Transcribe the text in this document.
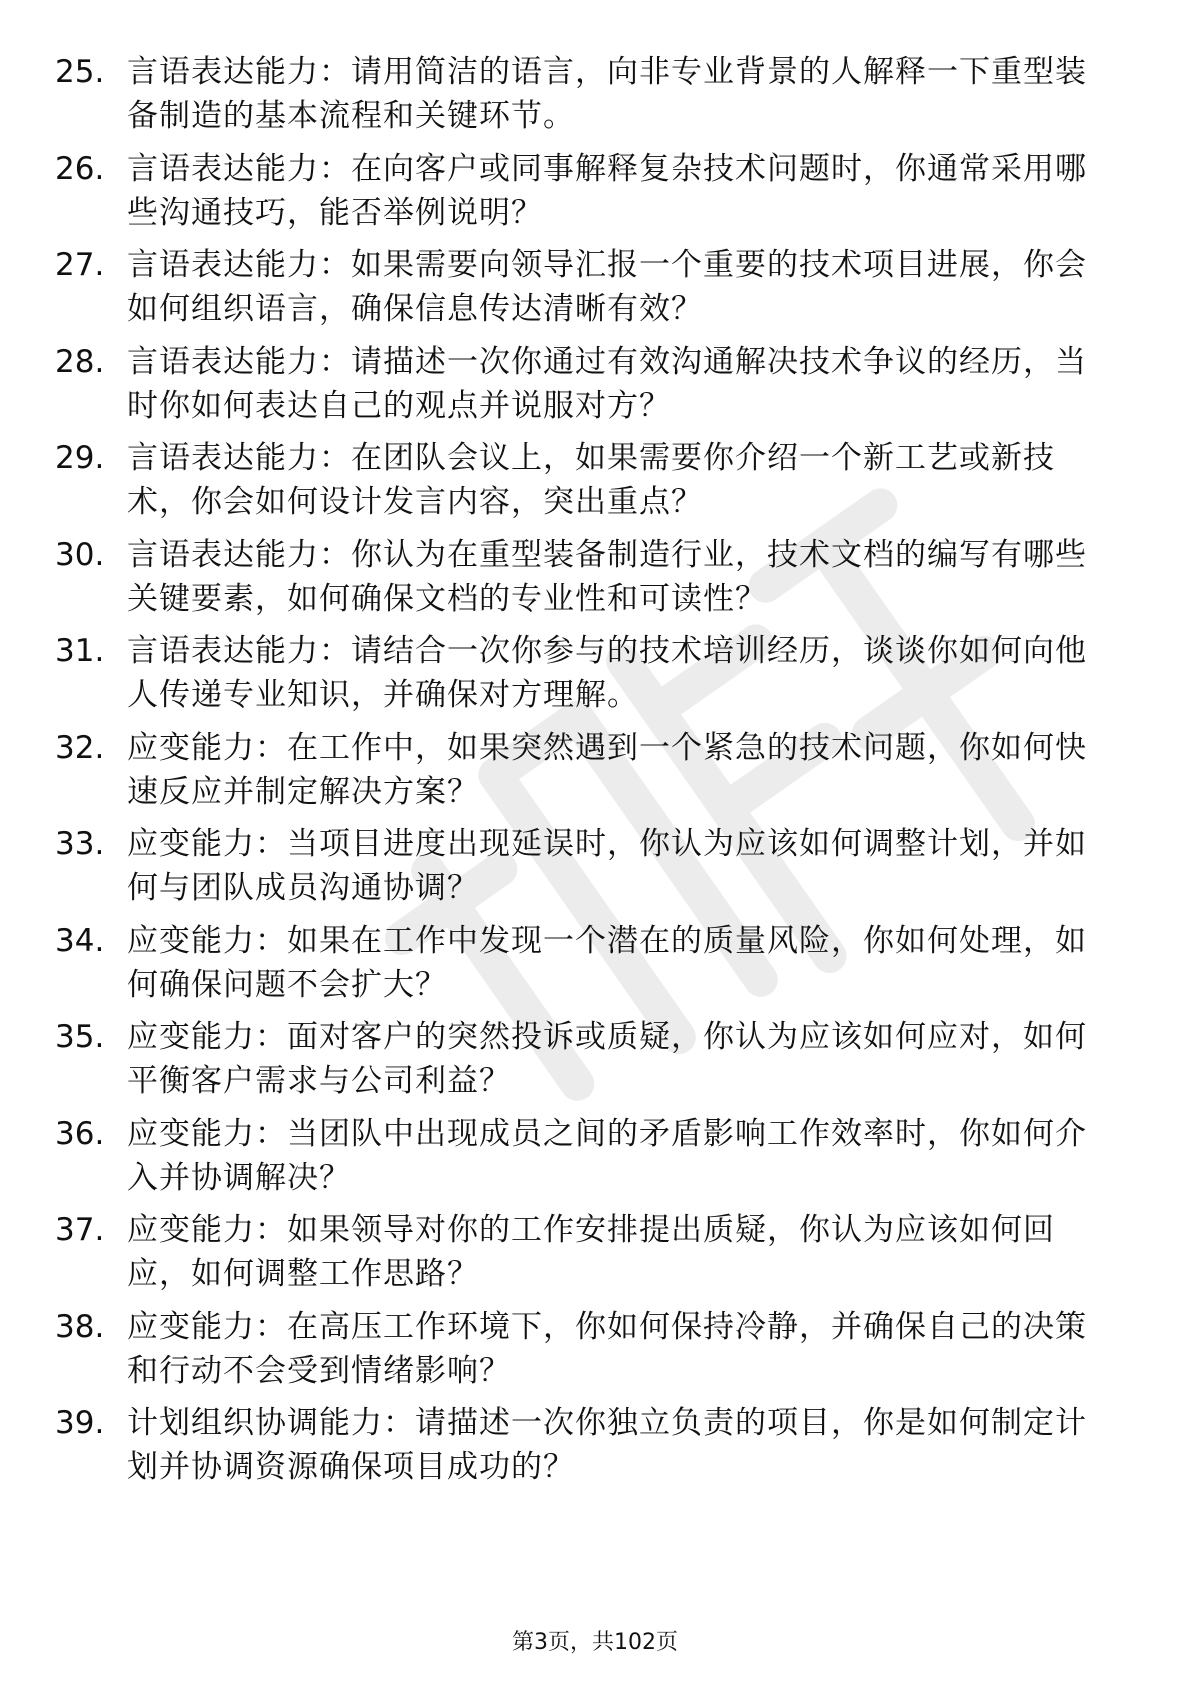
25. 言语表达能力：请用简洁的语言，向非专业背景的人解释一下重型装备制造的基本流程和关键环节。
26. 言语表达能力：在向客户或同事解释复杂技术问题时，你通常采用哪些沟通技巧，能否举例说明？
27. 言语表达能力：如果需要向领导汇报一个重要的技术项目进展，你会如何组织语言，确保信息传达清晰有效？
28. 言语表达能力：请描述一次你通过有效沟通解决技术争议的经历，当时你如何表达自己的观点并说服对方？
29. 言语表达能力：在团队会议上，如果需要你介绍一个新工艺或新技术，你会如何设计发言内容，突出重点？
30. 言语表达能力：你认为在重型装备制造行业，技术文档的编写有哪些关键要素，如何确保文档的专业性和可读性？
31. 言语表达能力：请结合一次你参与的技术培训经历，谈谈你如何向他人传递专业知识，并确保对方理解。
32. 应变能力：在工作中，如果突然遇到一个紧急的技术问题，你如何快速反应并制定解决方案？
33. 应变能力：当项目进度出现延误时，你认为应该如何调整计划，并如何与团队成员沟通协调？
34. 应变能力：如果在工作中发现一个潜在的质量风险，你如何处理，如何确保问题不会扩大？
35. 应变能力：面对客户的突然投诉或质疑，你认为应该如何应对，如何平衡客户需求与公司利益？
36. 应变能力：当团队中出现成员之间的矛盾影响工作效率时，你如何介入并协调解决？
37. 应变能力：如果领导对你的工作安排提出质疑，你认为应该如何回应，如何调整工作思路？
38. 应变能力：在高压工作环境下，你如何保持冷静，并确保自己的决策和行动不会受到情绪影响？
39. 计划组织协调能力：请描述一次你独立负责的项目，你是如何制定计划并协调资源确保项目成功的？
第3页，共102页
